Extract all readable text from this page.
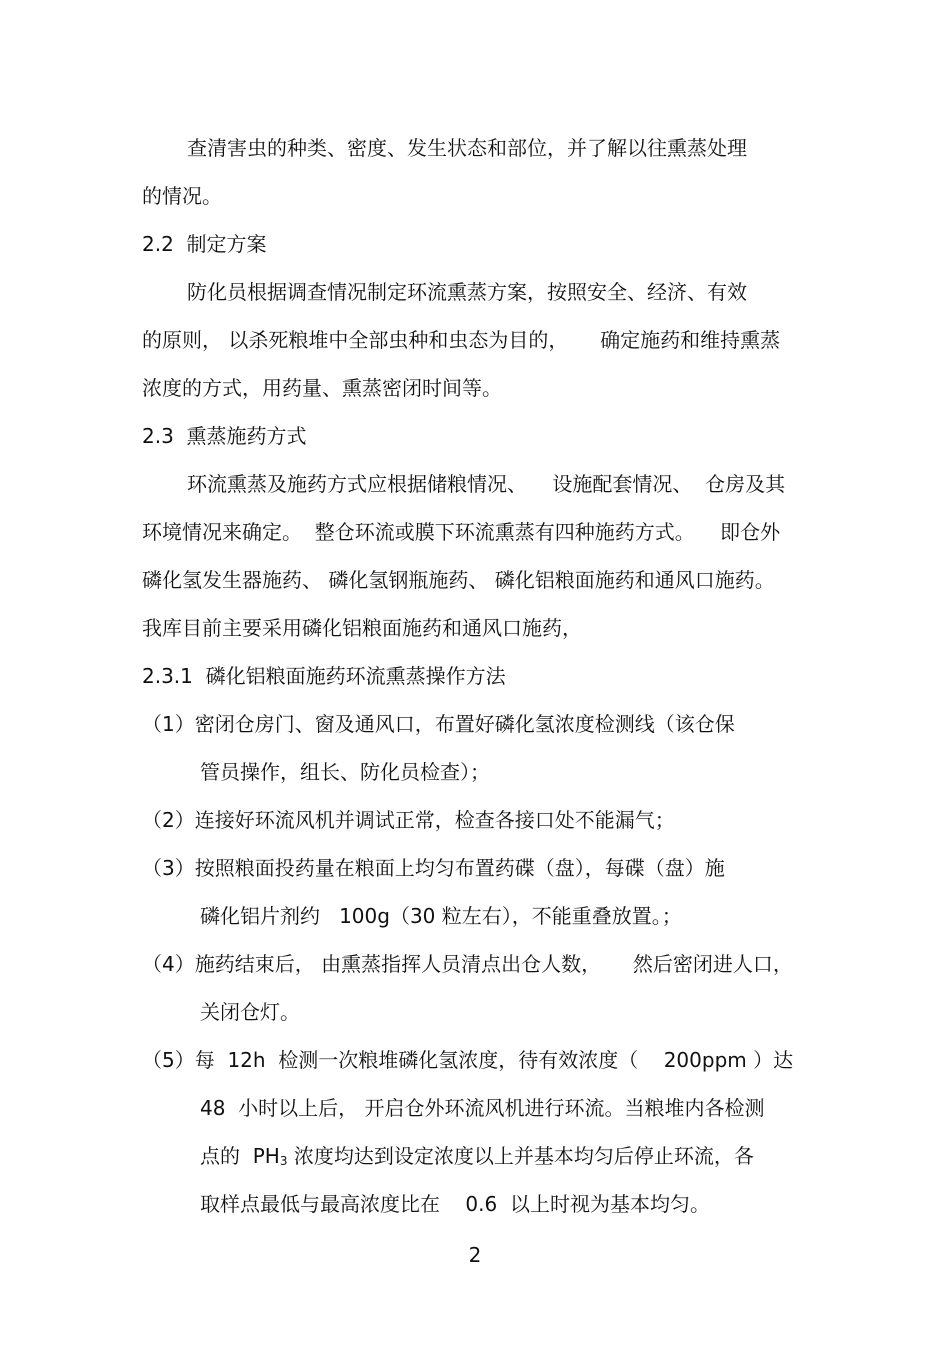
查清害虫的种类、密度、发生状态和部位，并了解以往熏蒸处理
的情况。
2.2  制定方案
防化员根据调查情况制定环流熏蒸方案，按照安全、经济、有效
的原则， 以杀死粮堆中全部虫种和虫态为目的，     确定施药和维持熏蒸
浓度的方式，用药量、熏蒸密闭时间等。
2.3  熏蒸施药方式
环流熏蒸及施药方式应根据储粮情况、    设施配套情况、  仓房及其
环境情况来确定。  整仓环流或膜下环流熏蒸有四种施药方式。    即仓外
磷化氢发生器施药、 磷化氢钢瓶施药、 磷化铝粮面施药和通风口施药。
我库目前主要采用磷化铝粮面施药和通风口施药，
2.3.1  磷化铝粮面施药环流熏蒸操作方法
（1）密闭仓房门、窗及通风口，布置好磷化氢浓度检测线（该仓保
管员操作，组长、防化员检查）；
（2）连接好环流风机并调试正常，检查各接口处不能漏气；
（3）按照粮面投药量在粮面上均匀布置药碟（盘），每碟（盘）施
磷化铝片剂约   100g（30 粒左右），不能重叠放置。；
（4）施药结束后， 由熏蒸指挥人员清点出仓人数，     然后密闭进人口，
关闭仓灯。
（5）每  12h  检测一次粮堆磷化氢浓度，待有效浓度（    200ppm ）达
48  小时以上后， 开启仓外环流风机进行环流。当粮堆内各检测
点的  $PH_3$ 浓度均达到设定浓度以上并基本均匀后停止环流，各
取样点最低与最高浓度比在    0.6  以上时视为基本均匀。
2
